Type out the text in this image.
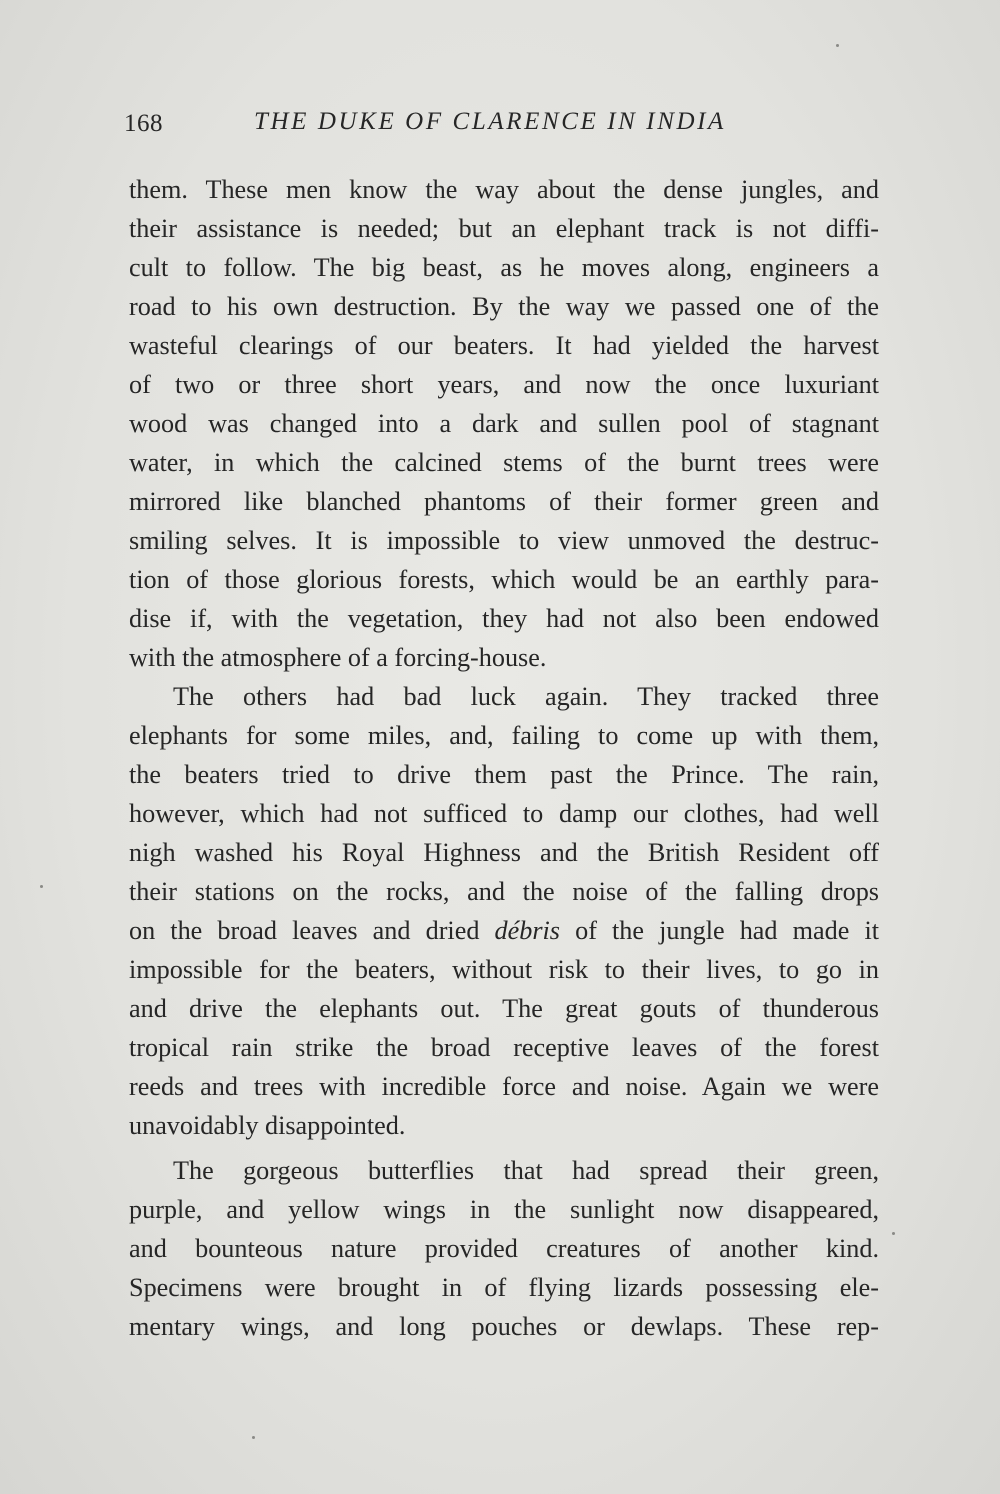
168	THE DUKE OF CLARENCE IN INDIA
them. These men know the way about the dense jungles, and
their assistance is needed; but an elephant track is not diffi-
cult to follow. The big beast, as he moves along, engineers a
road to his own destruction. By the way we passed one of the
wasteful clearings of our beaters. It had yielded the harvest
of two or three short years, and now the once luxuriant
wood was changed into a dark and sullen pool of stagnant
water, in which the calcined stems of the burnt trees were
mirrored like blanched phantoms of their former green and
smiling selves. It is impossible to view unmoved the destruc-
tion of those glorious forests, which would be an earthly para-
dise if, with the vegetation, they had not also been endowed
with the atmosphere of a forcing-house.
The others had bad luck again. They tracked three
elephants for some miles, and, failing to come up with them,
the beaters tried to drive them past the Prince. The rain,
however, which had not sufficed to damp our clothes, had well
nigh washed his Royal Highness and the British Resident off
their stations on the rocks, and the noise of the falling drops
on the broad leaves and dried débris of the jungle had made it
impossible for the beaters, without risk to their lives, to go in
and drive the elephants out. The great gouts of thunderous
tropical rain strike the broad receptive leaves of the forest
reeds and trees with incredible force and noise. Again we were
unavoidably disappointed.
The gorgeous butterflies that had spread their green,
purple, and yellow wings in the sunlight now disappeared,
and bounteous nature provided creatures of another kind.
Specimens were brought in of flying lizards possessing ele-
mentary wings, and long pouches or dewlaps. These rep-
